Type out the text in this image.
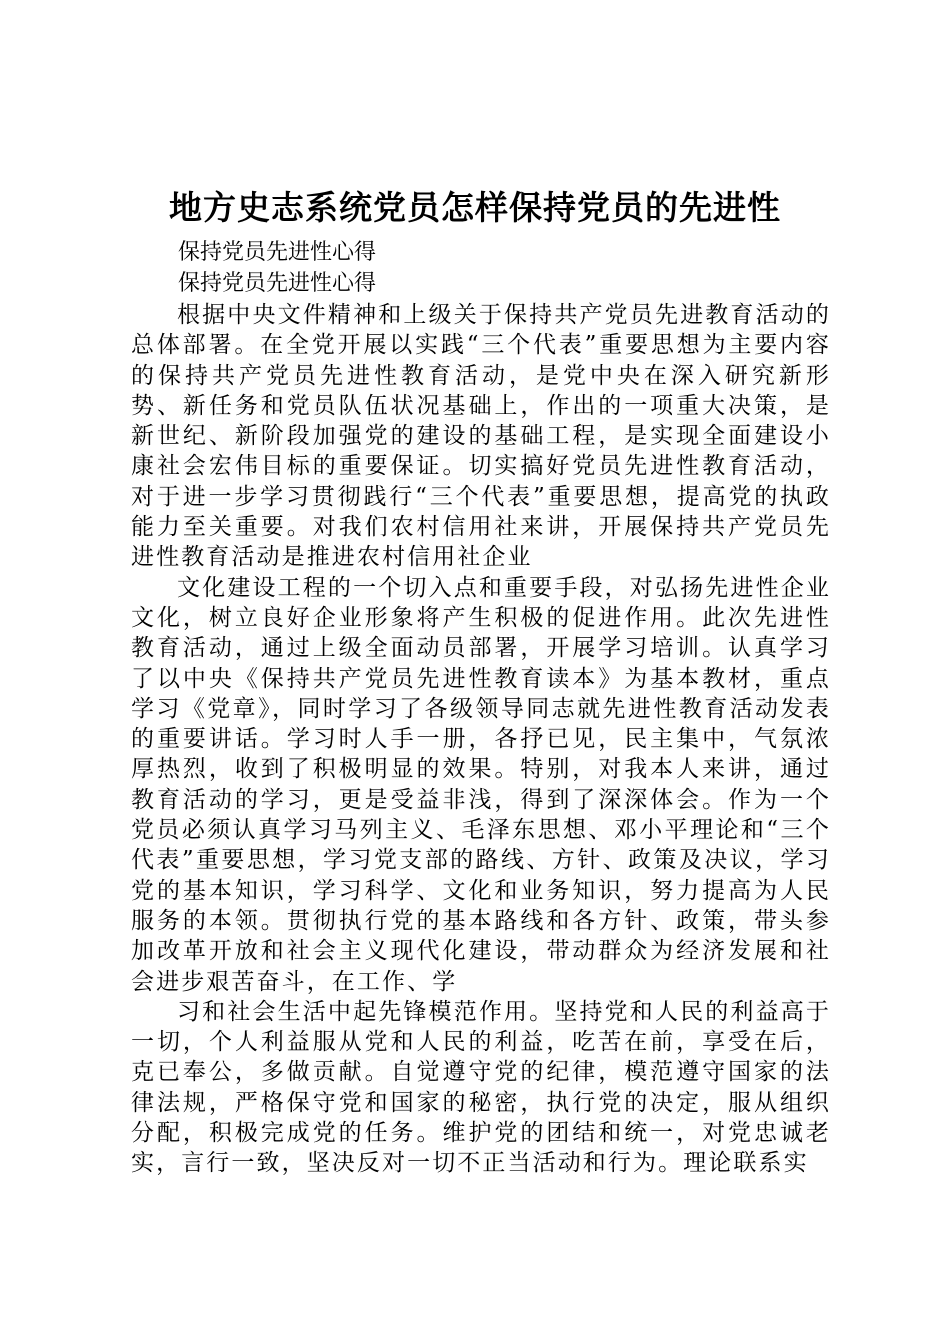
地方史志系统党员怎样保持党员的先进性

保持党员先进性心得

保持党员先进性心得

根据中央文件精神和上级关于保持共产党员先进教育活动的总体部署。在全党开展以实践“三个代表”重要思想为主要内容的保持共产党员先进性教育活动，是党中央在深入研究新形势、新任务和党员队伍状况基础上，作出的一项重大决策，是新世纪、新阶段加强党的建设的基础工程，是实现全面建设小康社会宏伟目标的重要保证。切实搞好党员先进性教育活动，对于进一步学习贯彻践行“三个代表”重要思想，提高党的执政能力至关重要。对我们农村信用社来讲，开展保持共产党员先进性教育活动是推进农村信用社企业

文化建设工程的一个切入点和重要手段，对弘扬先进性企业文化，树立良好企业形象将产生积极的促进作用。此次先进性教育活动，通过上级全面动员部署，开展学习培训。认真学习了以中央《保持共产党员先进性教育读本》为基本教材，重点学习《党章》，同时学习了各级领导同志就先进性教育活动发表的重要讲话。学习时人手一册，各抒已见，民主集中，气氛浓厚热烈，收到了积极明显的效果。特别，对我本人来讲，通过教育活动的学习，更是受益非浅，得到了深深体会。作为一个党员必须认真学习马列主义、毛泽东思想、邓小平理论和“三个代表”重要思想，学习党支部的路线、方针、政策及决议，学习党的基本知识，学习科学、文化和业务知识，努力提高为人民服务的本领。贯彻执行党的基本路线和各方针、政策，带头参加改革开放和社会主义现代化建设，带动群众为经济发展和社会进步艰苦奋斗，在工作、学

习和社会生活中起先锋模范作用。坚持党和人民的利益高于一切，个人利益服从党和人民的利益，吃苦在前，享受在后，克已奉公，多做贡献。自觉遵守党的纪律，模范遵守国家的法律法规，严格保守党和国家的秘密，执行党的决定，服从组织分配，积极完成党的任务。维护党的团结和统一，对党忠诚老实，言行一致，坚决反对一切不正当活动和行为。理论联系实
